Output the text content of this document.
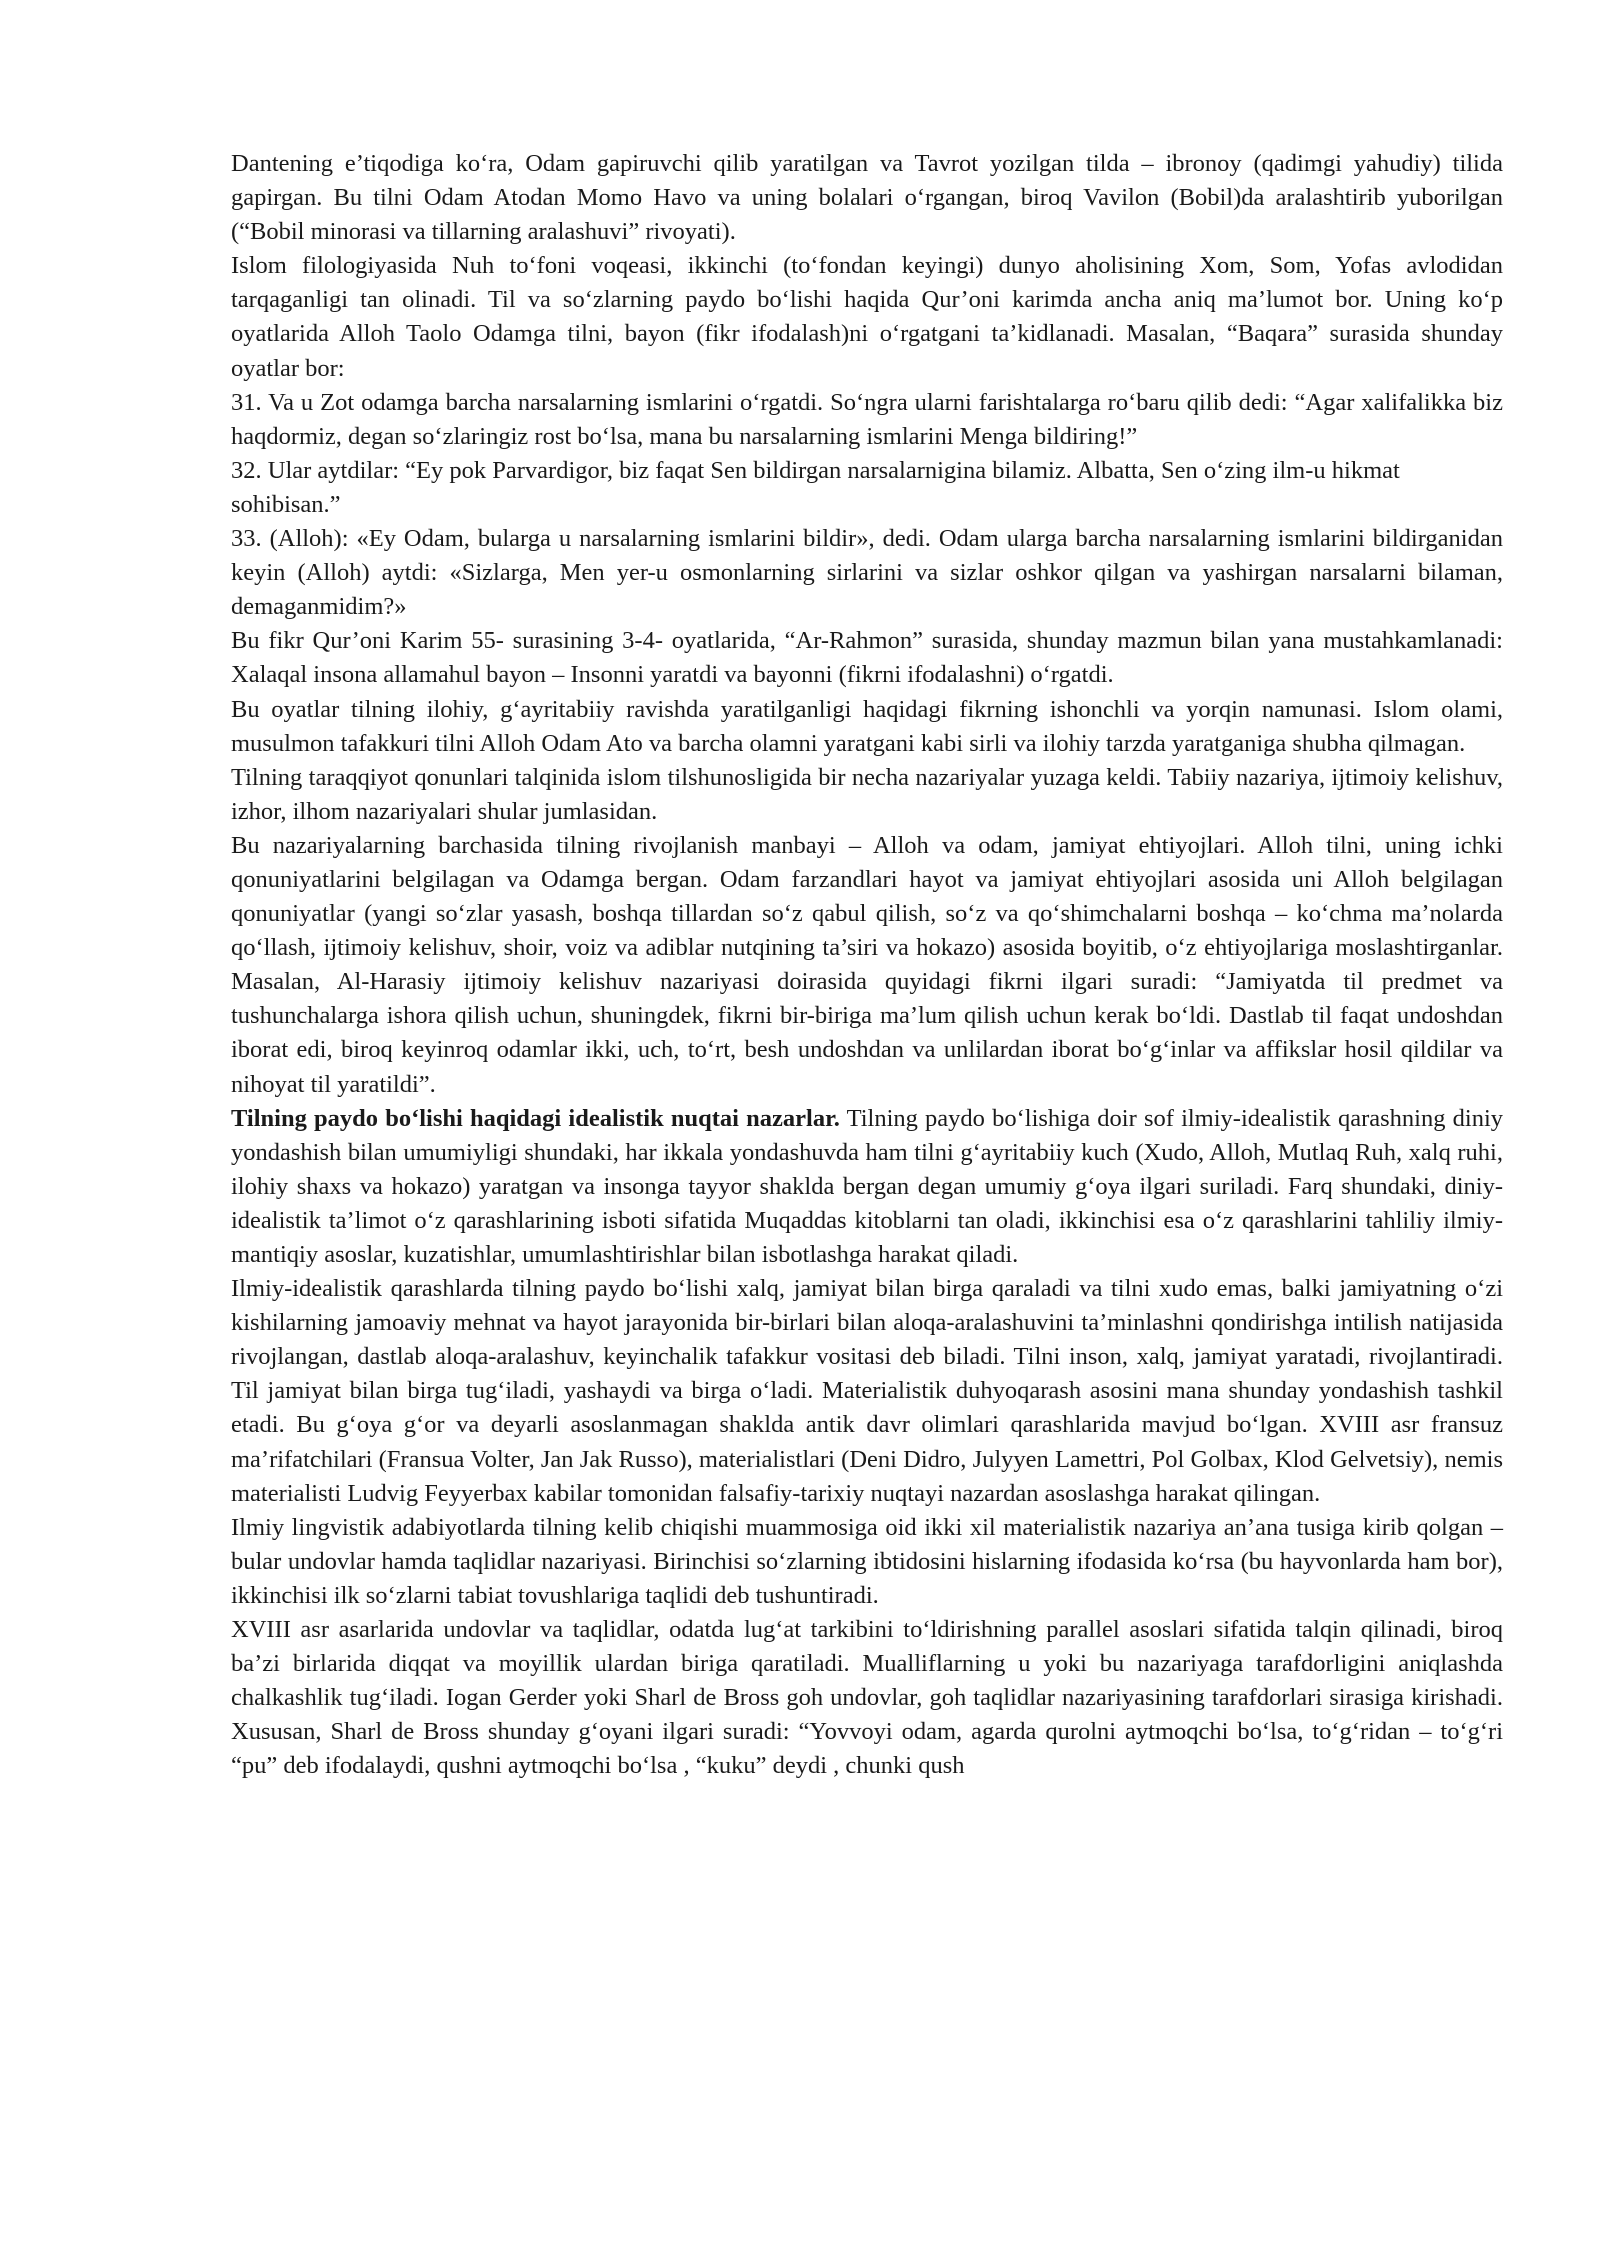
Dantening e’tiqodiga ko‘ra, Odam gapiruvchi qilib yaratilgan va Tavrot yozilgan tilda – ibronoy (qadimgi yahudiy) tilida gapirgan. Bu tilni Odam Atodan Momo Havo va uning bolalari o‘rgangan, biroq Vavilon (Bobil)da aralashtirib yuborilgan (“Bobil minorasi va tillarning aralashuvi” rivoyati).

Islom filologiyasida Nuh to‘foni voqeasi, ikkinchi (to‘fondan keyingi) dunyo aholisining Xom, Som, Yofas avlodidan tarqaganligi tan olinadi. Til va so‘zlarning paydo bo‘lishi haqida Qur’oni karimda ancha aniq ma’lumot bor. Uning ko‘p oyatlarida Alloh Taolo Odamga tilni, bayon (fikr ifodalash)ni o‘rgatgani ta’kidlanadi. Masalan, “Baqara” surasida shunday oyatlar bor:

31. Va u Zot odamga barcha narsalarning ismlarini o‘rgatdi. So‘ngra ularni farishtalarga ro‘baru qilib dedi: “Agar xalifalikka biz haqdormiz, degan so‘zlaringiz rost bo‘lsa, mana bu narsalarning ismlarini Menga bildiring!”

32. Ular aytdilar: “Ey pok Parvardigor, biz faqat Sen bildirgan narsalarnigina bilamiz. Albatta, Sen o‘zing ilm-u hikmat sohibisan.”

33. (Alloh): «Ey Odam, bularga u narsalarning ismlarini bildir», dedi. Odam ularga barcha narsalarning ismlarini bildirganidan keyin (Alloh) aytdi: «Sizlarga, Men yer-u osmonlarning sirlarini va sizlar oshkor qilgan va yashirgan narsalarni bilaman, demaganmidim?»

Bu fikr Qur’oni Karim 55- surasining 3-4- oyatlarida, “Ar-Rahmon” surasida, shunday mazmun bilan yana mustahkamlanadi: Xalaqal insona allamahul bayon – Insonni yaratdi va bayonni (fikrni ifodalashni) o‘rgatdi.

Bu oyatlar tilning ilohiy, g‘ayritabiiy ravishda yaratilganligi haqidagi fikrning ishonchli va yorqin namunasi. Islom olami, musulmon tafakkuri tilni Alloh Odam Ato va barcha olamni yaratgani kabi sirli va ilohiy tarzda yaratganiga shubha qilmagan.

Tilning taraqqiyot qonunlari talqinida islom tilshunosligida bir necha nazariyalar yuzaga keldi. Tabiiy nazariya, ijtimoiy kelishuv, izhor, ilhom nazariyalari shular jumlasidan.

Bu nazariyalarning barchasida tilning rivojlanish manbayi – Alloh va odam, jamiyat ehtiyojlari. Alloh tilni, uning ichki qonuniyatlarini belgilagan va Odamga bergan. Odam farzandlari hayot va jamiyat ehtiyojlari asosida uni Alloh belgilagan qonuniyatlar (yangi so‘zlar yasash, boshqa tillardan so‘z qabul qilish, so‘z va qo‘shimchalarni boshqa – ko‘chma ma’nolarda qo‘llash, ijtimoiy kelishuv, shoir, voiz va adiblar nutqining ta’siri va hokazo) asosida boyitib, o‘z ehtiyojlariga moslashtirganlar. Masalan, Al-Harasiy ijtimoiy kelishuv nazariyasi doirasida quyidagi fikrni ilgari suradi: “Jamiyatda til predmet va tushunchalarga ishora qilish uchun, shuningdek, fikrni bir-biriga ma’lum qilish uchun kerak bo‘ldi. Dastlab til faqat undoshdan iborat edi, biroq keyinroq odamlar ikki, uch, to‘rt, besh undoshdan va unlilardan iborat bo‘g‘inlar va affikslar hosil qildilar va nihoyat til yaratildi”.

Tilning paydo bo‘lishi haqidagi idealistik nuqtai nazarlar. Tilning paydo bo‘lishiga doir sof ilmiy-idealistik qarashning diniy yondashish bilan umumiyligi shundaki, har ikkala yondashuvda ham tilni g‘ayritabiiy kuch (Xudo, Alloh, Mutlaq Ruh, xalq ruhi, ilohiy shaxs va hokazo) yaratgan va insonga tayyor shaklda bergan degan umumiy g‘oya ilgari suriladi. Farq shundaki, diniy-idealistik ta’limot o‘z qarashlarining isboti sifatida Muqaddas kitoblarni tan oladi, ikkinchisi esa o‘z qarashlarini tahliliy ilmiy-mantiqiy asoslar, kuzatishlar, umumlashtirishlar bilan isbotlashga harakat qiladi.

Ilmiy-idealistik qarashlarda tilning paydo bo‘lishi xalq, jamiyat bilan birga qaraladi va tilni xudo emas, balki jamiyatning o‘zi kishilarning jamoaviy mehnat va hayot jarayonida bir-birlari bilan aloqa-aralashuvini ta’minlashni qondirishga intilish natijasida rivojlangan, dastlab aloqa-aralashuv, keyinchalik tafakkur vositasi deb biladi. Tilni inson, xalq, jamiyat yaratadi, rivojlantiradi. Til jamiyat bilan birga tug‘iladi, yashaydi va birga o‘ladi. Materialistik duhyoqarash asosini mana shunday yondashish tashkil etadi. Bu g‘oya g‘or va deyarli asoslanmagan shaklda antik davr olimlari qarashlarida mavjud bo‘lgan. XVIII asr fransuz ma’rifatchilari (Fransua Volter, Jan Jak Russo), materialistlari (Deni Didro, Julyyen Lamettri, Pol Golbax, Klod Gelvetsiy), nemis materialisti Ludvig Feyyerbax kabilar tomonidan falsafiy-tarixiy nuqtayi nazardan asoslashga harakat qilingan.

Ilmiy lingvistik adabiyotlarda tilning kelib chiqishi muammosiga oid ikki xil materialistik nazariya an’ana tusiga kirib qolgan – bular undovlar hamda taqlidlar nazariyasi. Birinchisi so‘zlarning ibtidosini hislarning ifodasida ko‘rsa (bu hayvonlarda ham bor), ikkinchisi ilk so‘zlarni tabiat tovushlariga taqlidi deb tushuntiradi.

XVIII asr asarlarida undovlar va taqlidlar, odatda lug‘at tarkibini to‘ldirishning parallel asoslari sifatida talqin qilinadi, biroq ba’zi birlarida diqqat va moyillik ulardan biriga qaratiladi. Mualliflarning u yoki bu nazariyaga tarafdorligini aniqlashda chalkashlik tug‘iladi. Iogan Gerder yoki Sharl de Bross goh undovlar, goh taqlidlar nazariyasining tarafdorlari sirasiga kirishadi. Xususan, Sharl de Bross shunday g‘oyani ilgari suradi: “Yovvoyi odam, agarda qurolni aytmoqchi bo‘lsa, to‘g‘ridan – to‘g‘ri “pu” deb ifodalaydi, qushni aytmoqchi bo‘lsa , “kuku” deydi , chunki qush
